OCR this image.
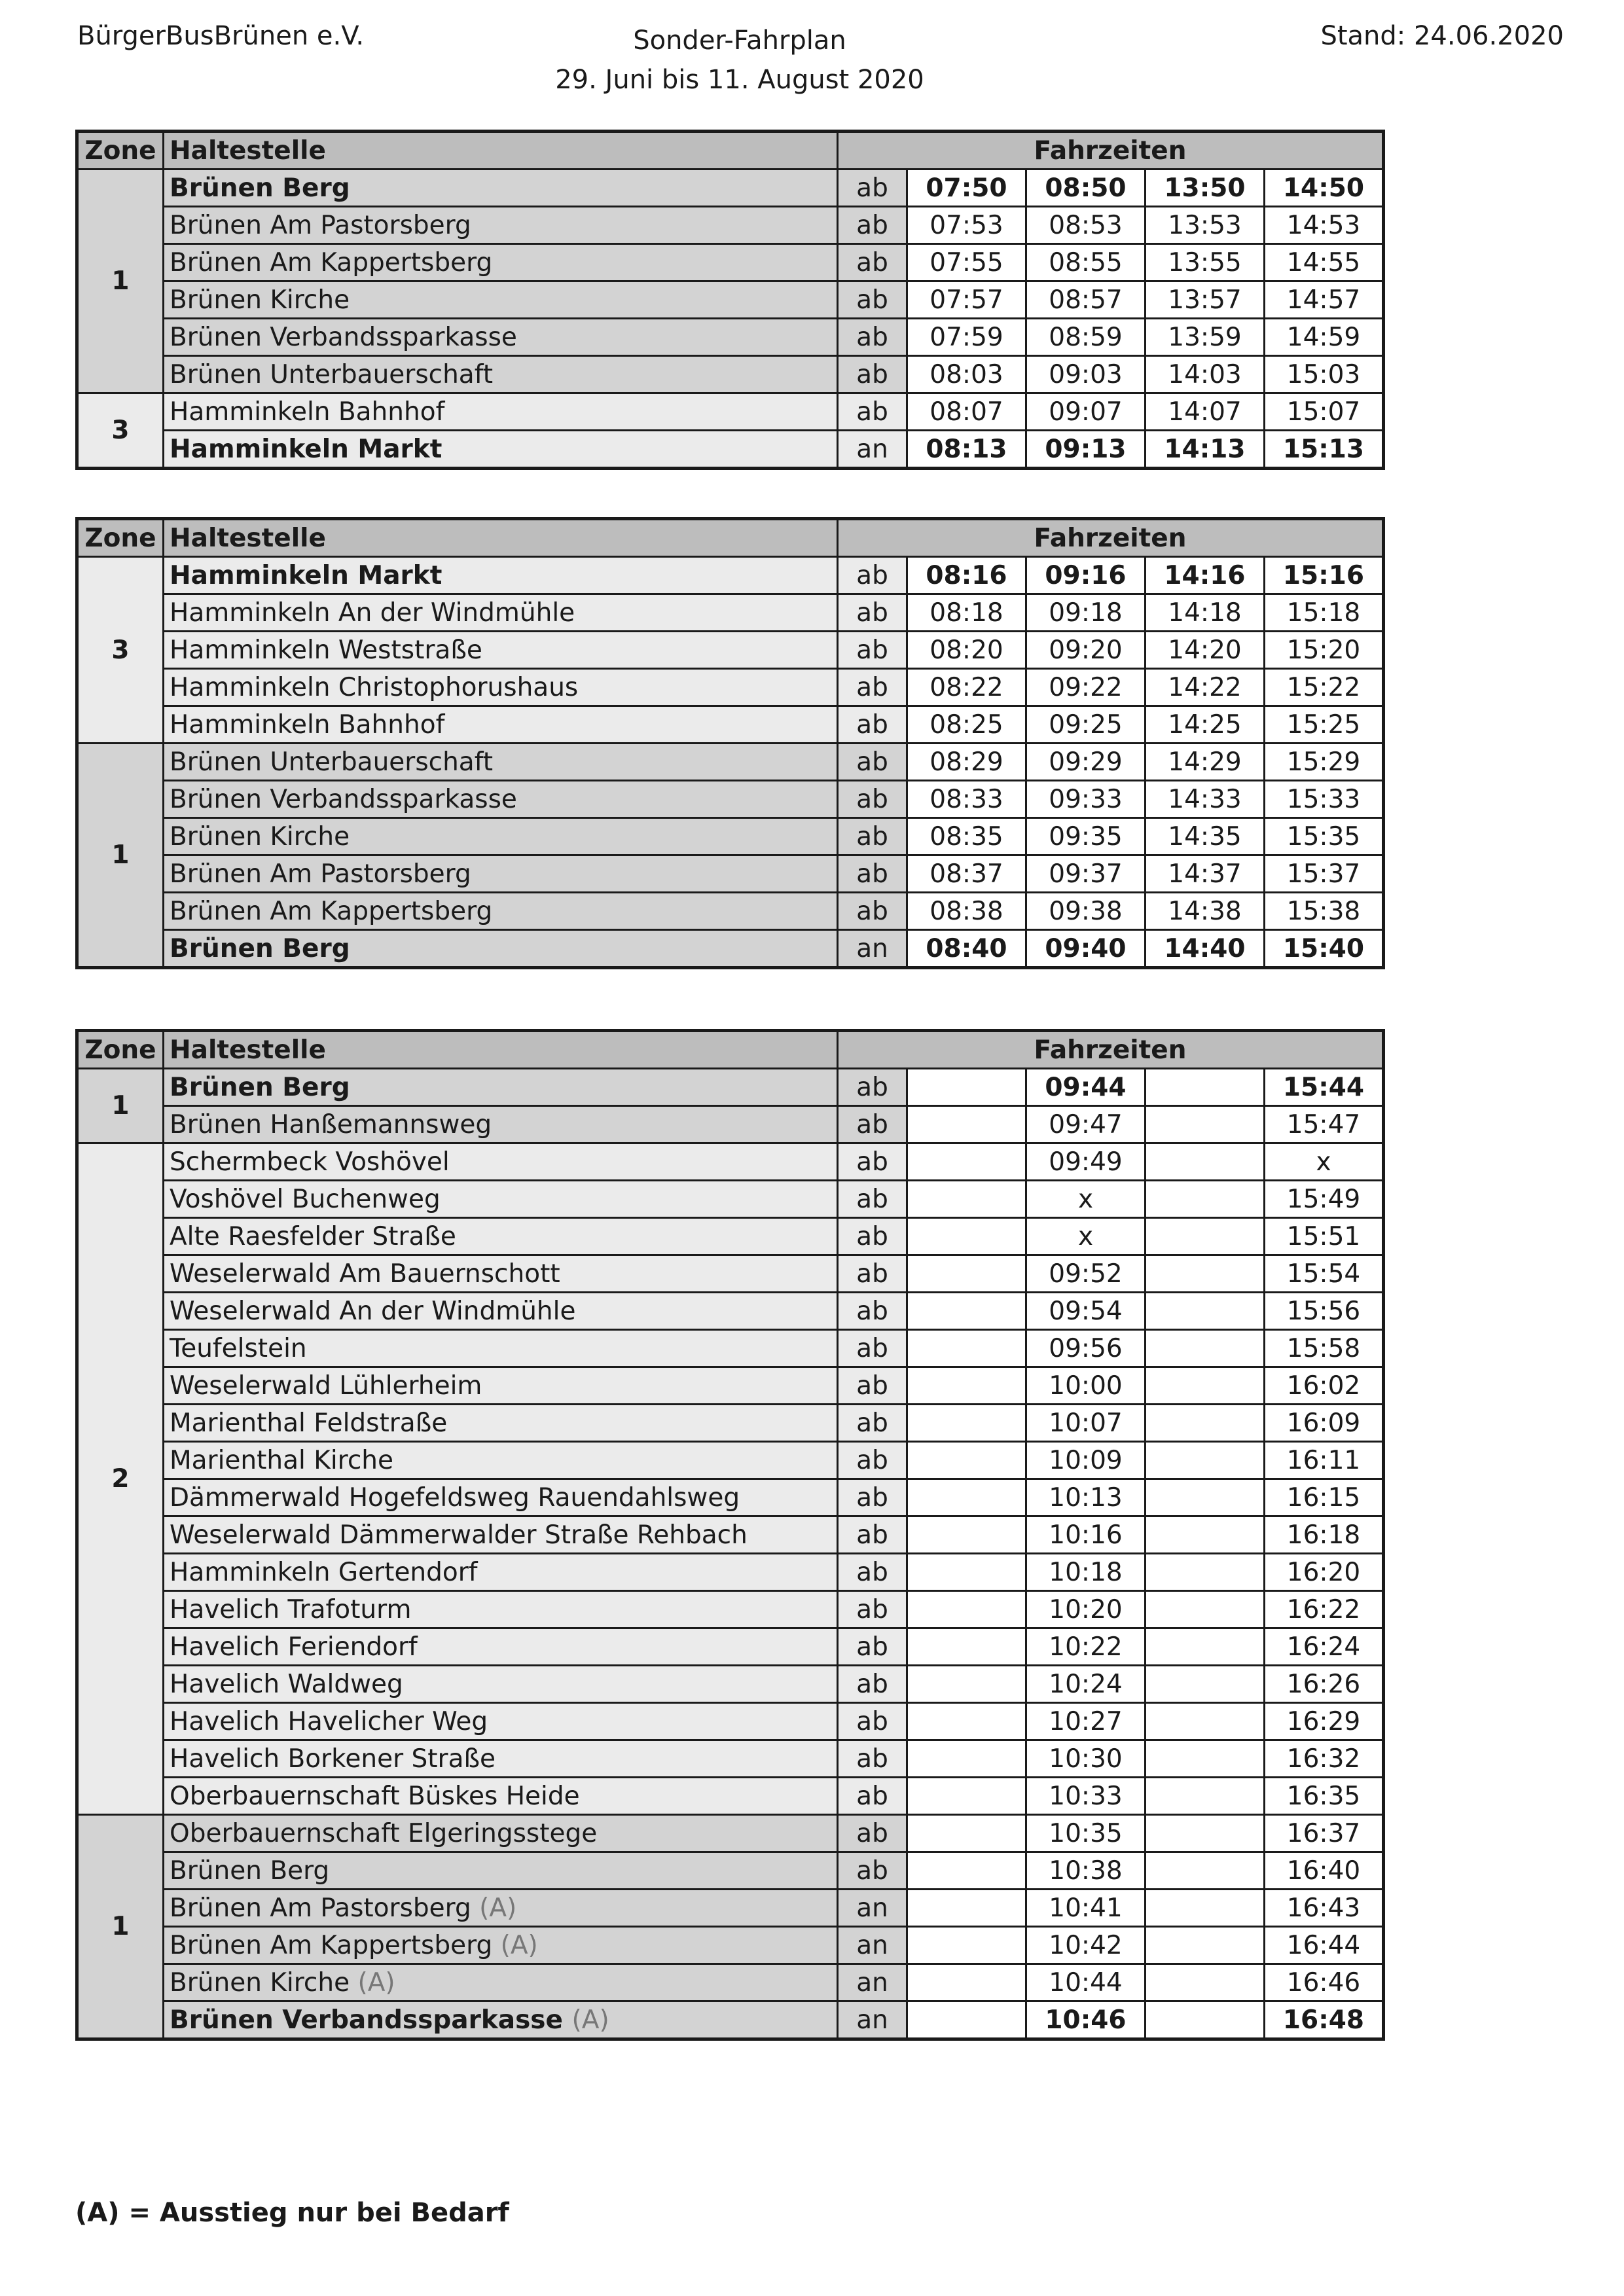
BürgerBusBrünen e.V.	Sonder-Fahrplan
29. Juni bis 11. August 2020
Stand: 24.06.2020
Zone	Haltestelle	Fahrzeiten				
1	Brünen Berg	ab	07:50	08:50	13:50	14:50
	Brünen Am Pastorsberg	ab	07:53	08:53	13:53	14:53
	Brünen Am Kappertsberg	ab	07:55	08:55	13:55	14:55
	Brünen Kirche	ab	07:57	08:57	13:57	14:57
	Brünen Verbandssparkasse	ab	07:59	08:59	13:59	14:59
	Brünen Unterbauerschaft	ab	08:03	09:03	14:03	15:03
3	Hamminkeln Bahnhof	ab	08:07	09:07	14:07	15:07
	Hamminkeln Markt	an	08:13	09:13	14:13	15:13
Zone	Haltestelle	Fahrzeiten				
3	Hamminkeln Markt	ab	08:16	09:16	14:16	15:16
	Hamminkeln An der Windmühle	ab	08:18	09:18	14:18	15:18
	Hamminkeln Weststraße	ab	08:20	09:20	14:20	15:20
	Hamminkeln Christophorushaus	ab	08:22	09:22	14:22	15:22
	Hamminkeln Bahnhof	ab	08:25	09:25	14:25	15:25
1	Brünen Unterbauerschaft	ab	08:29	09:29	14:29	15:29
	Brünen Verbandssparkasse	ab	08:33	09:33	14:33	15:33
	Brünen Kirche	ab	08:35	09:35	14:35	15:35
	Brünen Am Pastorsberg	ab	08:37	09:37	14:37	15:37
	Brünen Am Kappertsberg	ab	08:38	09:38	14:38	15:38
	Brünen Berg	an	08:40	09:40	14:40	15:40
Zone	Haltestelle	Fahrzeiten				
1	Brünen Berg	ab		09:44		15:44
	Brünen Hanßemannsweg	ab		09:47		15:47
2	Schermbeck Voshövel	ab		09:49		x
	Voshövel Buchenweg	ab		x		15:49
	Alte Raesfelder Straße	ab		x		15:51
	Weselerwald Am Bauernschott	ab		09:52		15:54
	Weselerwald An der Windmühle	ab		09:54		15:56
	Teufelstein	ab		09:56		15:58
	Weselerwald Lühlerheim	ab		10:00		16:02
	Marienthal Feldstraße	ab		10:07		16:09
	Marienthal Kirche	ab		10:09		16:11
	Dämmerwald Hogefeldsweg Rauendahlsweg	ab		10:13		16:15
	Weselerwald Dämmerwalder Straße Rehbach	ab		10:16		16:18
	Hamminkeln Gertendorf	ab		10:18		16:20
	Havelich Trafoturm	ab		10:20		16:22
	Havelich Feriendorf	ab		10:22		16:24
	Havelich Waldweg	ab		10:24		16:26
	Havelich Havelicher Weg	ab		10:27		16:29
	Havelich Borkener Straße	ab		10:30		16:32
	Oberbauernschaft Büskes Heide	ab		10:33		16:35
1	Oberbauernschaft Elgeringsstege	ab		10:35		16:37
	Brünen Berg	ab		10:38		16:40
	Brünen Am Pastorsberg (A)	an		10:41		16:43
	Brünen Am Kappertsberg (A)	an		10:42		16:44
	Brünen Kirche (A)	an		10:44		16:46
	Brünen Verbandssparkasse (A)	an		10:46		16:48
(A) = Ausstieg nur bei Bedarf
